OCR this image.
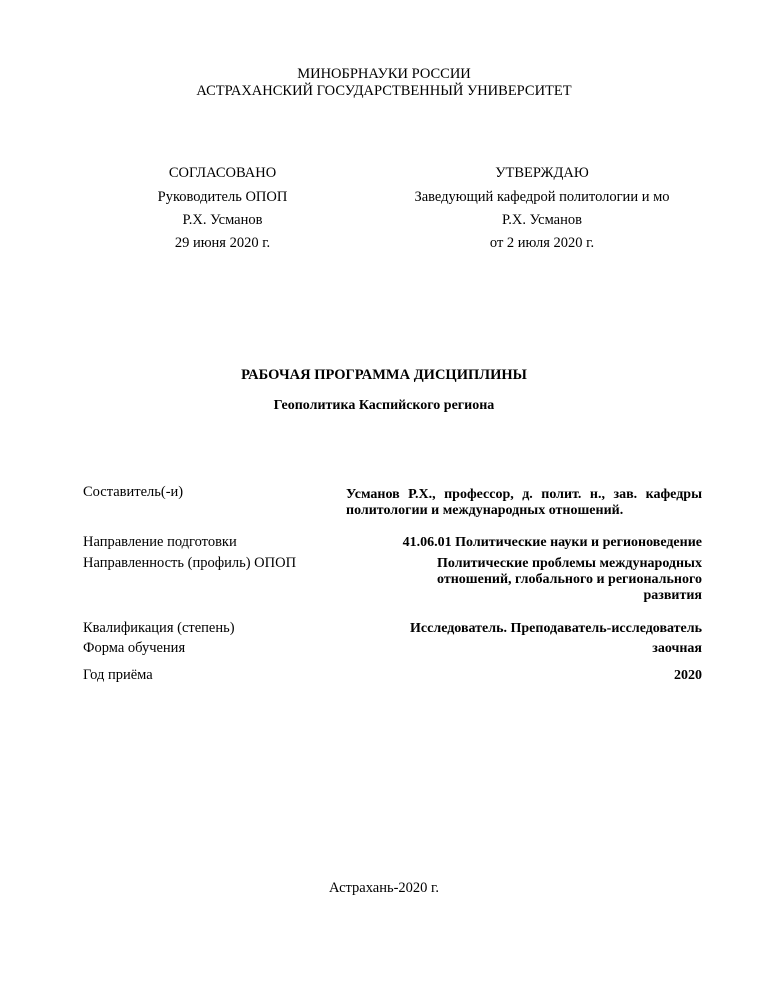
МИНОБРНАУКИ РОССИИ
АСТРАХАНСКИЙ ГОСУДАРСТВЕННЫЙ УНИВЕРСИТЕТ
СОГЛАСОВАНО
Руководитель ОПОП
Р.Х. Усманов
29 июня 2020 г.
УТВЕРЖДАЮ
Заведующий кафедрой политологии и мо
Р.Х. Усманов
от 2 июля 2020 г.
РАБОЧАЯ ПРОГРАММА ДИСЦИПЛИНЫ
Геополитика Каспийского региона
Составитель(-и)	Усманов Р.Х., профессор, д. полит. н., зав. кафедры политологии и международных отношений.
Направление подготовки	41.06.01 Политические науки и регионоведение
Направленность (профиль) ОПОП	Политические проблемы международных отношений, глобального и регионального развития
Квалификация (степень)	Исследователь. Преподаватель-исследователь
Форма обучения	заочная
Год приёма	2020
Астрахань-2020 г.
